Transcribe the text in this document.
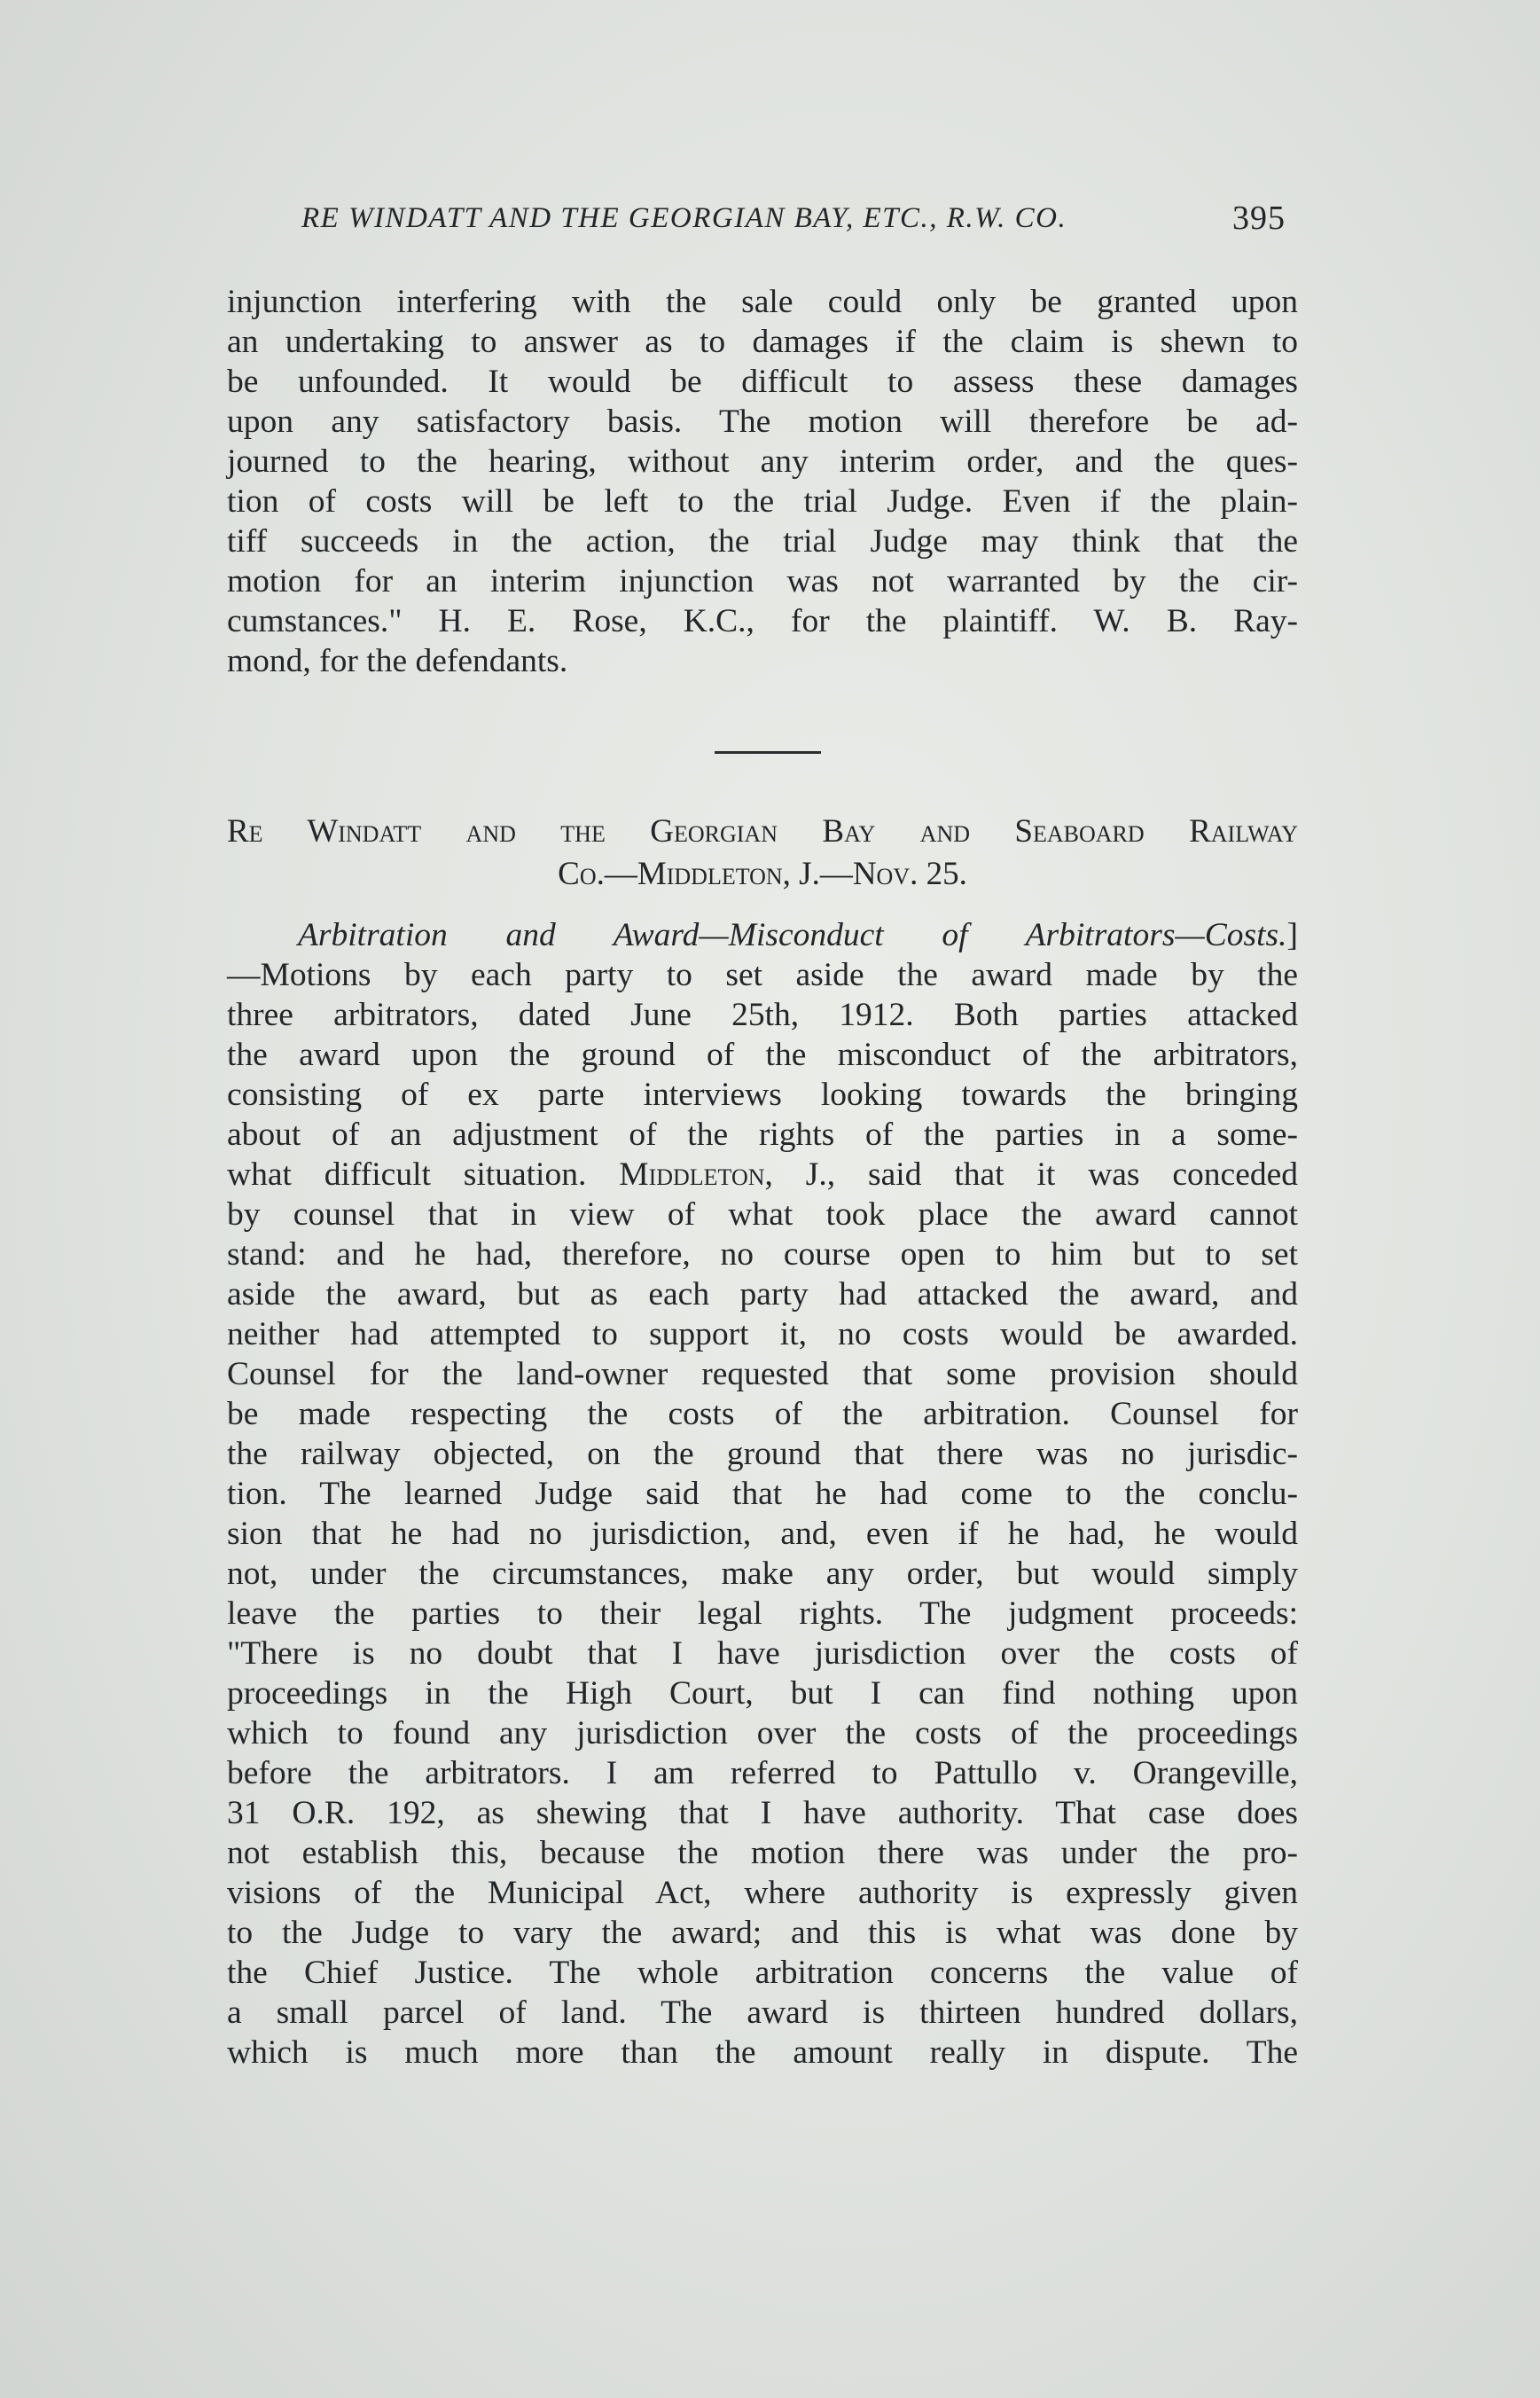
RE WINDATT AND THE GEORGIAN BAY, ETC., R.W. CO.	395
injunction interfering with the sale could only be granted upon
an undertaking to answer as to damages if the claim is shewn to
be unfounded. It would be difficult to assess these damages
upon any satisfactory basis. The motion will therefore be ad-
journed to the hearing, without any interim order, and the ques-
tion of costs will be left to the trial Judge. Even if the plain-
tiff succeeds in the action, the trial Judge may think that the
motion for an interim injunction was not warranted by the cir-
cumstances." H. E. Rose, K.C., for the plaintiff. W. B. Ray-
mond, for the defendants.
Re Windatt and the Georgian Bay and Seaboard Railway
Co.—Middleton, J.—Nov. 25.
Arbitration and Award—Misconduct of Arbitrators—Costs.]
—Motions by each party to set aside the award made by the
three arbitrators, dated June 25th, 1912. Both parties attacked
the award upon the ground of the misconduct of the arbitrators,
consisting of ex parte interviews looking towards the bringing
about of an adjustment of the rights of the parties in a some-
what difficult situation. Middleton, J., said that it was conceded
by counsel that in view of what took place the award cannot
stand: and he had, therefore, no course open to him but to set
aside the award, but as each party had attacked the award, and
neither had attempted to support it, no costs would be awarded.
Counsel for the land-owner requested that some provision should
be made respecting the costs of the arbitration. Counsel for
the railway objected, on the ground that there was no jurisdic-
tion. The learned Judge said that he had come to the conclu-
sion that he had no jurisdiction, and, even if he had, he would
not, under the circumstances, make any order, but would simply
leave the parties to their legal rights. The judgment proceeds:
"There is no doubt that I have jurisdiction over the costs of
proceedings in the High Court, but I can find nothing upon
which to found any jurisdiction over the costs of the proceedings
before the arbitrators. I am referred to Pattullo v. Orangeville,
31 O.R. 192, as shewing that I have authority. That case does
not establish this, because the motion there was under the pro-
visions of the Municipal Act, where authority is expressly given
to the Judge to vary the award; and this is what was done by
the Chief Justice. The whole arbitration concerns the value of
a small parcel of land. The award is thirteen hundred dollars,
which is much more than the amount really in dispute. The
